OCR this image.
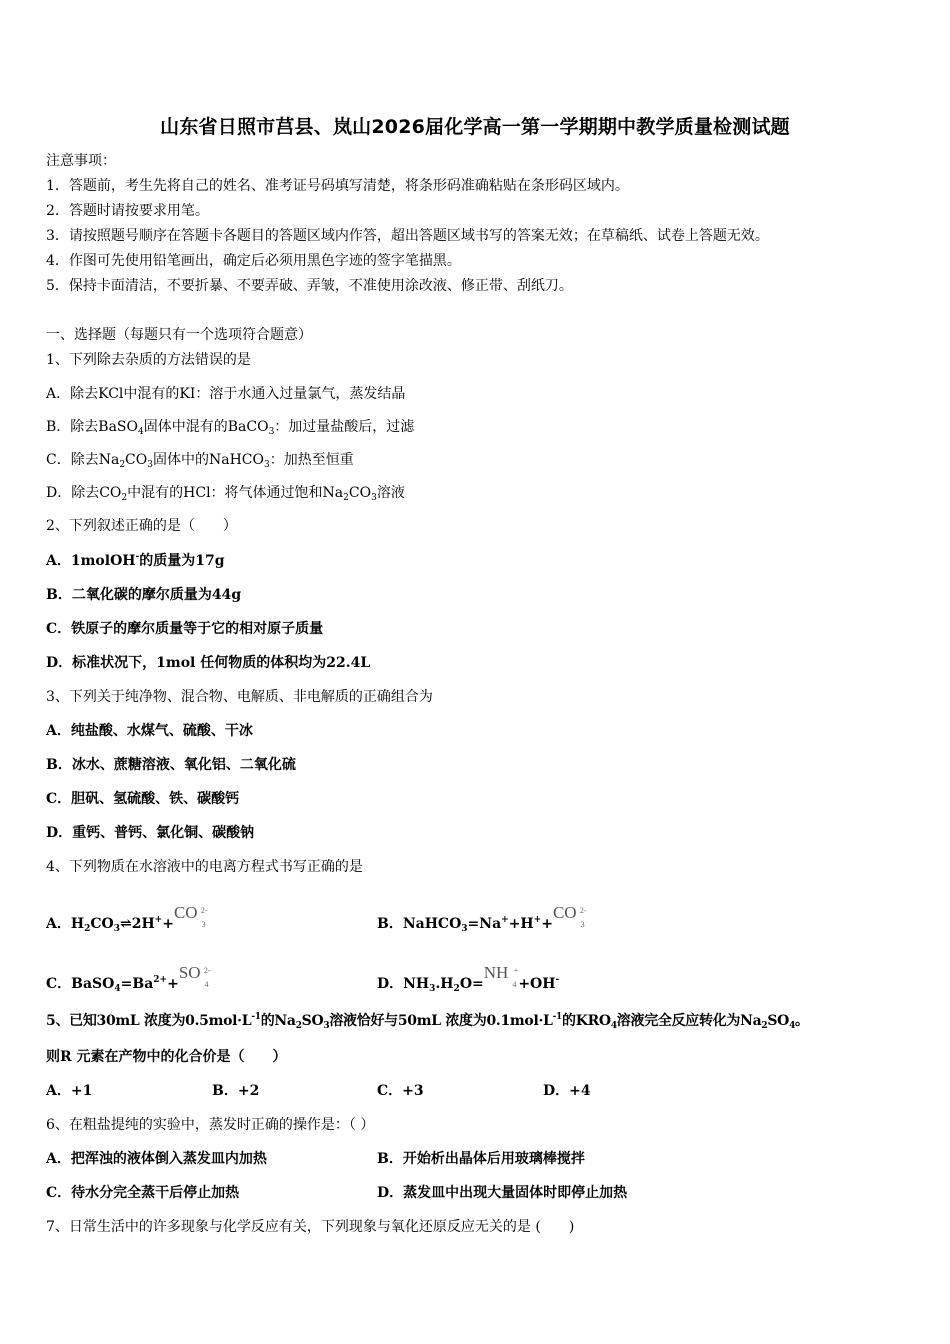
山东省日照市莒县、岚山2026届化学高一第一学期期中教学质量检测试题
注意事项：
1．答题前，考生先将自己的姓名、准考证号码填写清楚，将条形码准确粘贴在条形码区域内。
2．答题时请按要求用笔。
3．请按照题号顺序在答题卡各题目的答题区域内作答，超出答题区域书写的答案无效；在草稿纸、试卷上答题无效。
4．作图可先使用铅笔画出，确定后必须用黑色字迹的签字笔描黑。
5．保持卡面清洁，不要折暴、不要弄破、弄皱，不准使用涂改液、修正带、刮纸刀。
一、选择题（每题只有一个选项符合题意）
1、下列除去杂质的方法错误的是
A．除去KCl中混有的KI：溶于水通入过量氯气，蒸发结晶
B．除去BaSO$_4$固体中混有的BaCO$_3$：加过量盐酸后，过滤
C．除去$Na_2CO_3$固体中的NaHCO$_3$：加热至恒重
D．除去$CO_2$中混有的HCl：将气体通过饱和$Na_2CO_3$溶液
2、下列叙述正确的是（　　）
A．1molOH-的质量为17g
B．二氧化碳的摩尔质量为44g
C．铁原子的摩尔质量等于它的相对原子质量
D．标准状况下，1mol 任何物质的体积均为22.4L
3、下列关于纯净物、混合物、电解质、非电解质的正确组合为
A．纯盐酸、水煤气、硫酸、干冰
B．冰水、蔗糖溶液、氧化铝、二氧化硫
C．胆矾、氢硫酸、铁、碳酸钙
D．重钙、普钙、氯化铜、碳酸钠
4、下列物质在水溶液中的电离方程式书写正确的是
A．$H_2CO_3\rightleftharpoons 2H^++CO$ 2-
3	B．NaHCO$_3$=Na++H++CO 2-
3
C．$BaSO_4=Ba^{2+}+SO$ 2-
4	D．$NH_3.H_2O=NH$ +
4 +OH-
5、已知30mL 浓度为$0.5mol\cdot L^{-1}$的$Na_2SO_3$溶液恰好与50mL 浓度为$0.1mol\cdot L^{-1}$的$KRO_4$溶液完全反应转化为$Na_2SO_4$。
则R 元素在产物中的化合价是（　　）
A．+1	B．+2	C．+3	D．+4
6、在粗盐提纯的实验中，蒸发时正确的操作是：（ ）
A．把浑浊的液体倒入蒸发皿内加热	B．开始析出晶体后用玻璃棒搅拌
C．待水分完全蒸干后停止加热	D．蒸发皿中出现大量固体时即停止加热
7、日常生活中的许多现象与化学反应有关，下列现象与氧化还原反应无关的是 (　　)
